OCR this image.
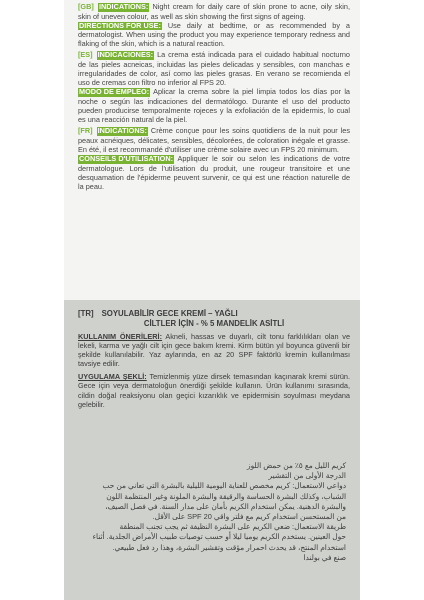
[GB] INDICATIONS: Night cream for daily care of skin prone to acne, oily skin, skin of uneven colour, as well as skin showing the first signs of ageing.

DIRECTIONS FOR USE: Use daily at bedtime, or as recommended by a dermatologist. When using the product you may experience temporary redness and flaking of the skin, which is a natural reaction.

[ES] INDICACIONES: La crema está indicada para el cuidado habitual nocturno de las pieles acneicas, incluidas las pieles delicadas y sensibles, con manchas e irregularidades de color, así como las pieles grasas. En verano se recomienda el uso de cremas con filtro no inferior al FPS 20.

MODO DE EMPLEO: Aplicar la crema sobre la piel limpia todos los días por la noche o según las indicaciones del dermatólogo. Durante el uso del producto pueden producirse temporalmente rojeces y la exfoliación de la epidermis, lo cual es una reacción natural de la piel.

[FR] INDICATIONS: Crème conçue pour les soins quotidiens de la nuit pour les peaux acnéiques, délicates, sensibles, décolorées, de coloration inégale et grasse. En été, il est recommandé d'utiliser une crème solaire avec un FPS 20 minimum.

CONSEILS D'UTILISATION: Appliquer le soir ou selon les indications de votre dermatologue. Lors de l'utilisation du produit, une rougeur transitoire et une desquamation de l'épiderme peuvent survenir, ce qui est une réaction naturelle de la peau.

[TR] SOYULABİLİR GECE KREMİ – YAĞLI
CİLTLER İÇİN - % 5 MANDELİK ASİTLİ

KULLANIM ÖNERİLERİ: Akneli, hassas ve duyarlı, cilt tonu farklılıkları olan ve lekeli, karma ve yağlı cilt için gece bakım kremi. Kirm bütün yıl boyunca güvenli bir şekilde kullanılabilir. Yaz aylarında, en az 20 SPF faktörlü kremin kullanılması tavsiye edilir.

UYGULAMA ŞEKLİ: Temizlenmiş yüze dirsek temasından kaçınarak kremi sürün. Gece için veya dermatoloğun önerdiği şekilde kullanın. Ürün kullanımı sırasında, cildin doğal reaksiyonu olan geçici kızarıklık ve epidermisin soyulması meydana gelebilir.

كريم الليل مع ٥٪ من حمض اللوز

الدرجة الأولى من التقشير

دواعي الاستعمال: كريم مخصص للعناية اليومية الليلية بالبشرة التي تعاني من حب

الشباب، وكذلك البشرة الحساسة والرقيقة والبشرة الملونة وغير المنتظمة اللون

والبشرة الدهنية. يمكن استخدام الكريم بأمان على مدار السنة. في فصل الصيف،

من المستحسن استخدام كريم مع فلتر واقي SPF 20 على الأقل.

طريقة الاستعمال: ضعي الكريم على البشرة النظيفة ثم يجب تجنب المنطقة

حول العينين. يستخدم الكريم يوميا ليلا أو حسب توصيات طبيب الأمراض الجلدية. أثناء

استخدام المنتج، قد يحدث احمرار مؤقت وتقشير البشرة، وهذا رد فعل طبيعي.

صنع في بولندا
